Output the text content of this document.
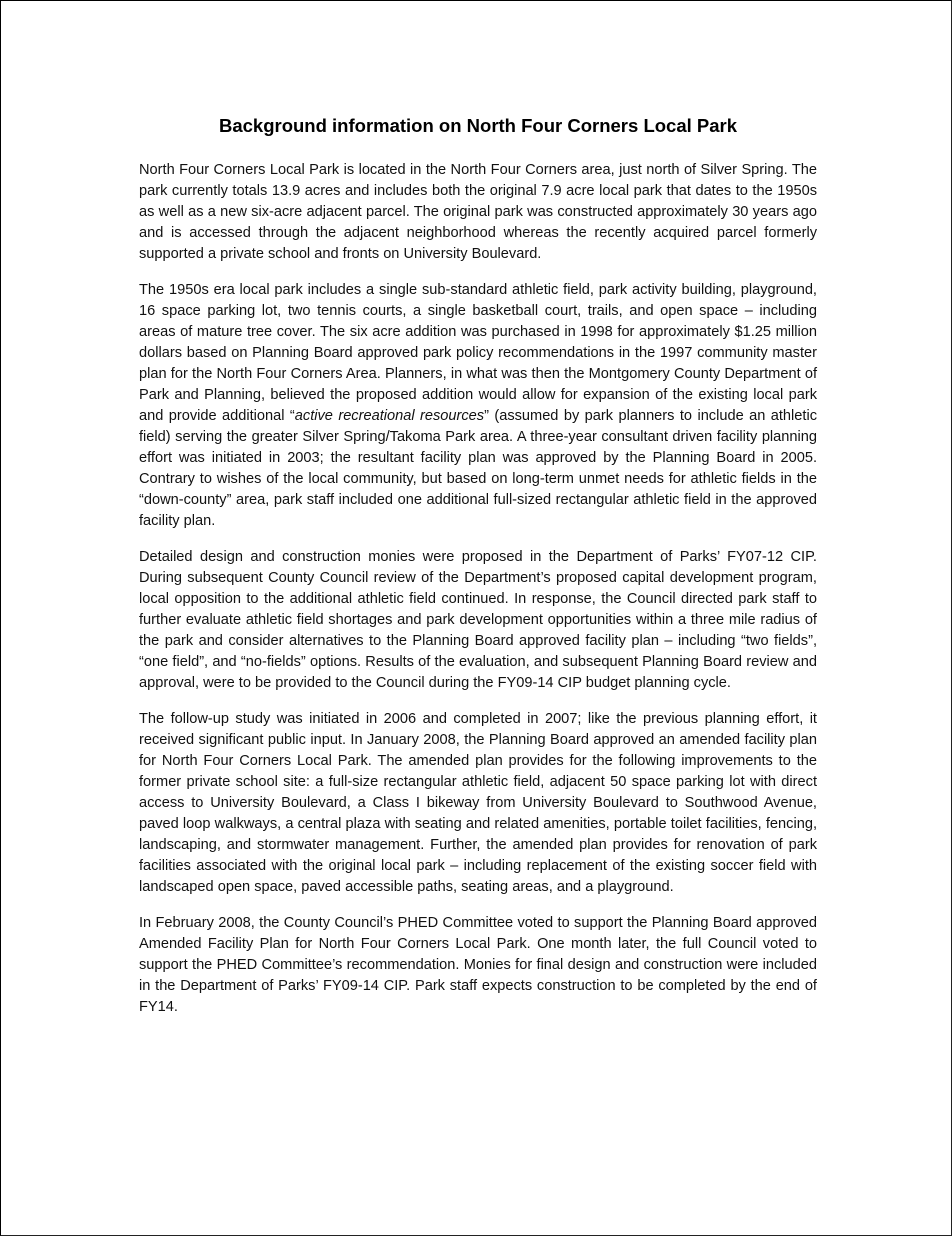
Background information on North Four Corners Local Park

North Four Corners Local Park is located in the North Four Corners area, just north of Silver Spring. The park currently totals 13.9 acres and includes both the original 7.9 acre local park that dates to the 1950s as well as a new six-acre adjacent parcel. The original park was constructed approximately 30 years ago and is accessed through the adjacent neighborhood whereas the recently acquired parcel formerly supported a private school and fronts on University Boulevard.

The 1950s era local park includes a single sub-standard athletic field, park activity building, playground, 16 space parking lot, two tennis courts, a single basketball court, trails, and open space – including areas of mature tree cover. The six acre addition was purchased in 1998 for approximately $1.25 million dollars based on Planning Board approved park policy recommendations in the 1997 community master plan for the North Four Corners Area. Planners, in what was then the Montgomery County Department of Park and Planning, believed the proposed addition would allow for expansion of the existing local park and provide additional “active recreational resources” (assumed by park planners to include an athletic field) serving the greater Silver Spring/Takoma Park area. A three-year consultant driven facility planning effort was initiated in 2003; the resultant facility plan was approved by the Planning Board in 2005. Contrary to wishes of the local community, but based on long-term unmet needs for athletic fields in the “down-county” area, park staff included one additional full-sized rectangular athletic field in the approved facility plan.

Detailed design and construction monies were proposed in the Department of Parks’ FY07-12 CIP. During subsequent County Council review of the Department’s proposed capital development program, local opposition to the additional athletic field continued. In response, the Council directed park staff to further evaluate athletic field shortages and park development opportunities within a three mile radius of the park and consider alternatives to the Planning Board approved facility plan – including “two fields”, “one field”, and “no-fields” options. Results of the evaluation, and subsequent Planning Board review and approval, were to be provided to the Council during the FY09-14 CIP budget planning cycle.

The follow-up study was initiated in 2006 and completed in 2007; like the previous planning effort, it received significant public input. In January 2008, the Planning Board approved an amended facility plan for North Four Corners Local Park. The amended plan provides for the following improvements to the former private school site: a full-size rectangular athletic field, adjacent 50 space parking lot with direct access to University Boulevard, a Class I bikeway from University Boulevard to Southwood Avenue, paved loop walkways, a central plaza with seating and related amenities, portable toilet facilities, fencing, landscaping, and stormwater management. Further, the amended plan provides for renovation of park facilities associated with the original local park – including replacement of the existing soccer field with landscaped open space, paved accessible paths, seating areas, and a playground.

In February 2008, the County Council’s PHED Committee voted to support the Planning Board approved Amended Facility Plan for North Four Corners Local Park. One month later, the full Council voted to support the PHED Committee’s recommendation. Monies for final design and construction were included in the Department of Parks’ FY09-14 CIP. Park staff expects construction to be completed by the end of FY14.
